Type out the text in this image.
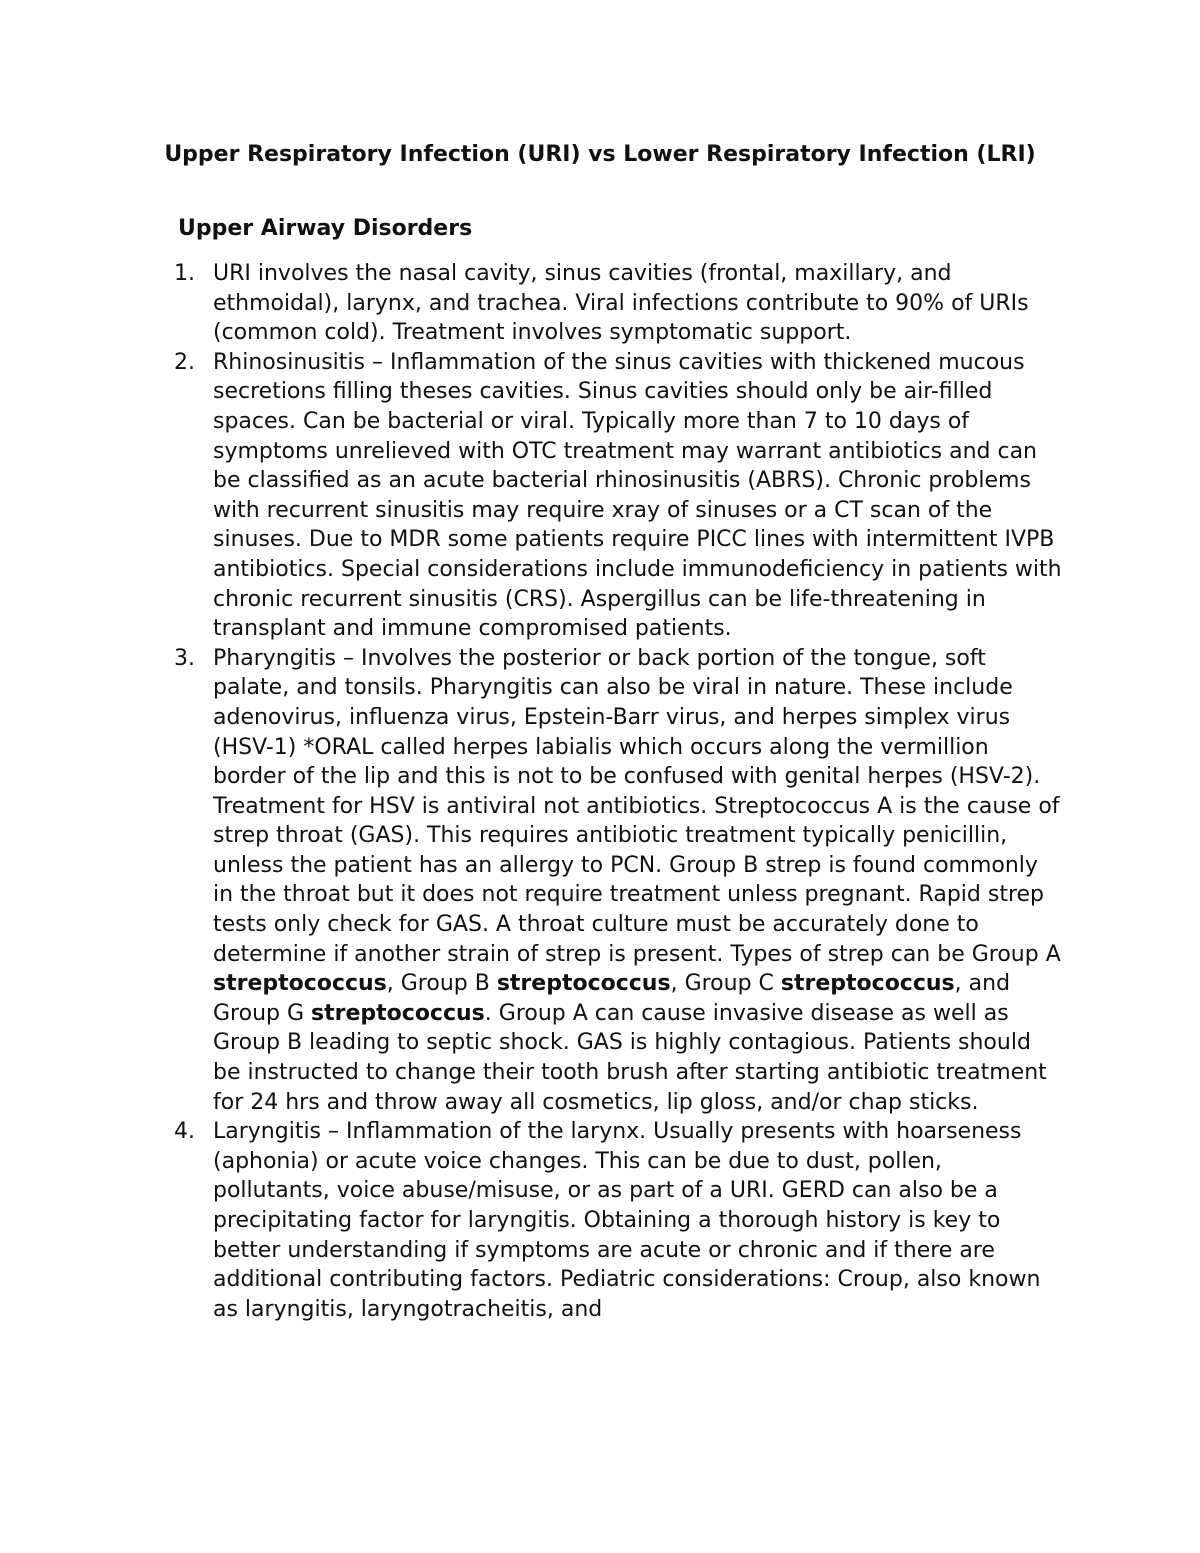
Upper Respiratory Infection (URI) vs Lower Respiratory Infection (LRI)
Upper Airway Disorders
1. URI involves the nasal cavity, sinus cavities (frontal, maxillary, and ethmoidal), larynx, and trachea. Viral infections contribute to 90% of URIs (common cold). Treatment involves symptomatic support.
2. Rhinosinusitis – Inflammation of the sinus cavities with thickened mucous secretions filling theses cavities. Sinus cavities should only be air-filled spaces. Can be bacterial or viral. Typically more than 7 to 10 days of symptoms unrelieved with OTC treatment may warrant antibiotics and can be classified as an acute bacterial rhinosinusitis (ABRS). Chronic problems with recurrent sinusitis may require xray of sinuses or a CT scan of the sinuses. Due to MDR some patients require PICC lines with intermittent IVPB antibiotics. Special considerations include immunodeficiency in patients with chronic recurrent sinusitis (CRS). Aspergillus can be life-threatening in transplant and immune compromised patients.
3. Pharyngitis – Involves the posterior or back portion of the tongue, soft palate, and tonsils. Pharyngitis can also be viral in nature. These include adenovirus, influenza virus, Epstein-Barr virus, and herpes simplex virus (HSV-1) *ORAL called herpes labialis which occurs along the vermillion border of the lip and this is not to be confused with genital herpes (HSV-2). Treatment for HSV is antiviral not antibiotics. Streptococcus A is the cause of strep throat (GAS). This requires antibiotic treatment typically penicillin, unless the patient has an allergy to PCN. Group B strep is found commonly in the throat but it does not require treatment unless pregnant. Rapid strep tests only check for GAS. A throat culture must be accurately done to determine if another strain of strep is present. Types of strep can be Group A streptococcus, Group B streptococcus, Group C streptococcus, and Group G streptococcus. Group A can cause invasive disease as well as Group B leading to septic shock. GAS is highly contagious. Patients should be instructed to change their tooth brush after starting antibiotic treatment for 24 hrs and throw away all cosmetics, lip gloss, and/or chap sticks.
4. Laryngitis – Inflammation of the larynx. Usually presents with hoarseness (aphonia) or acute voice changes. This can be due to dust, pollen, pollutants, voice abuse/misuse, or as part of a URI. GERD can also be a precipitating factor for laryngitis. Obtaining a thorough history is key to better understanding if symptoms are acute or chronic and if there are additional contributing factors. Pediatric considerations: Croup, also known as laryngitis, laryngotracheitis, and
